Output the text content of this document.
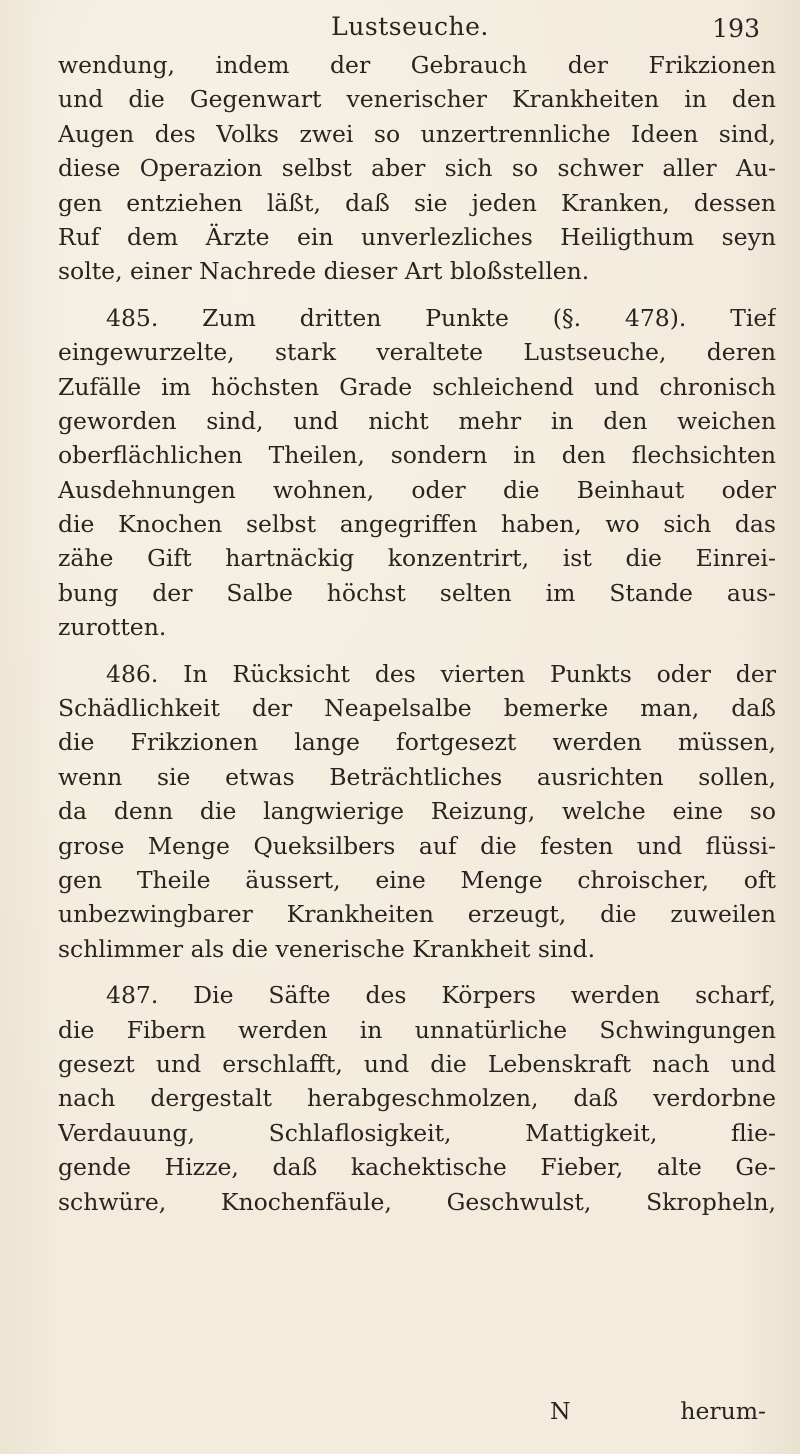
Lustseuche.	193
wendung, indem der Gebrauch der Frikzionen
und die Gegenwart venerischer Krankheiten in den
Augen des Volks zwei so unzertrennliche Ideen sind,
diese Operazion selbst aber sich so schwer aller Au-
gen entziehen läßt, daß sie jeden Kranken, dessen
Ruf dem Ärzte ein unverlezliches Heiligthum seyn
solte, einer Nachrede dieser Art bloßstellen.
485. Zum dritten Punkte (§. 478). Tief
eingewurzelte, stark veraltete Lustseuche, deren
Zufälle im höchsten Grade schleichend und chronisch
geworden sind, und nicht mehr in den weichen
oberflächlichen Theilen, sondern in den flechsichten
Ausdehnungen wohnen, oder die Beinhaut oder
die Knochen selbst angegriffen haben, wo sich das
zähe Gift hartnäckig konzentrirt, ist die Einrei-
bung der Salbe höchst selten im Stande aus-
zurotten.
486. In Rücksicht des vierten Punkts oder der
Schädlichkeit der Neapelsalbe bemerke man, daß
die Frikzionen lange fortgesezt werden müssen,
wenn sie etwas Beträchtliches ausrichten sollen,
da denn die langwierige Reizung, welche eine so
grose Menge Queksilbers auf die festen und flüssi-
gen Theile äussert, eine Menge chroischer, oft
unbezwingbarer Krankheiten erzeugt, die zuweilen
schlimmer als die venerische Krankheit sind.
487. Die Säfte des Körpers werden scharf,
die Fibern werden in unnatürliche Schwingungen
gesezt und erschlafft, und die Lebenskraft nach und
nach dergestalt herabgeschmolzen, daß verdorbne
Verdauung, Schlaflosigkeit, Mattigkeit, flie-
gende Hizze, daß kachektische Fieber, alte Ge-
schwüre, Knochenfäule, Geschwulst, Skropheln,
N	herum-
